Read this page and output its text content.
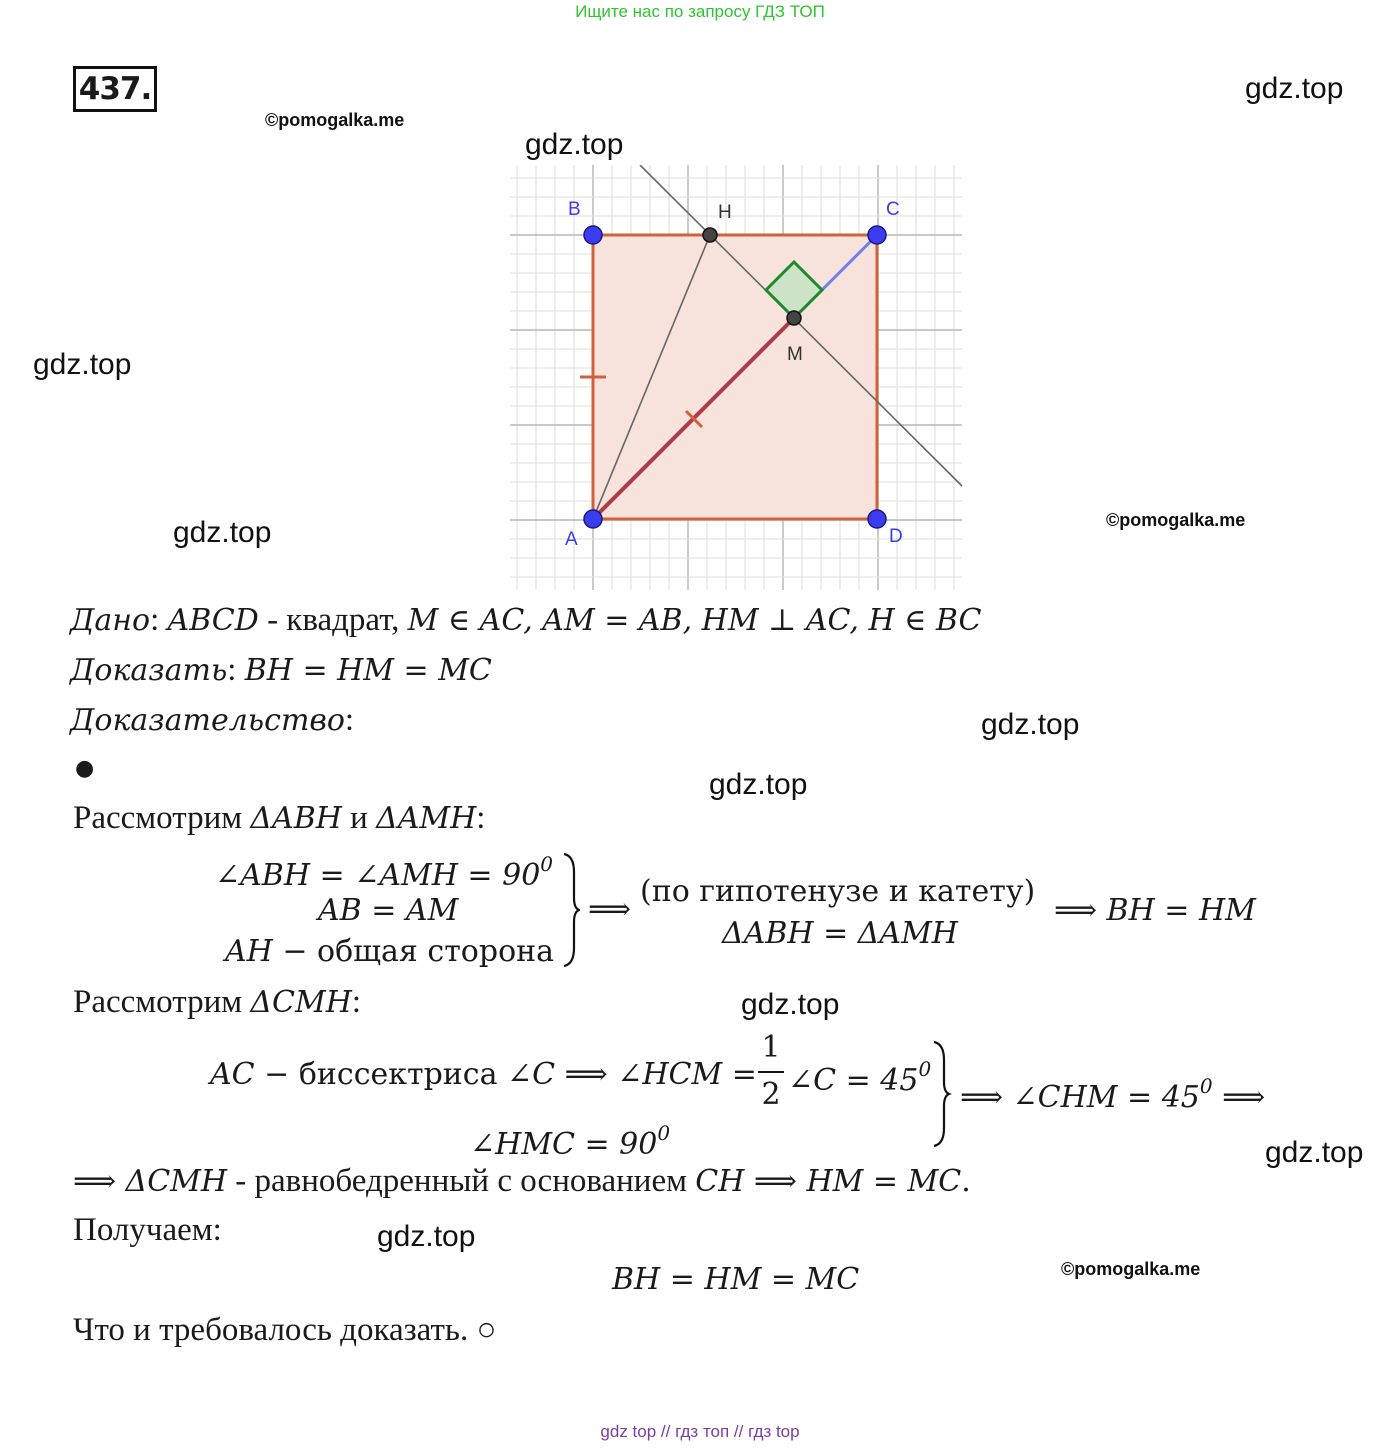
Ищите нас по запросу ГДЗ ТОП
437.	gdz.top
©pomogalka.me
gdz.top
gdz.top
gdz.top	©pomogalka.me
gdz.top
gdz.top
gdz.top
gdz.top
gdz.top
©pomogalka.me
B	C
A	D
H
M
Дано: ABCD - квадрат, M ∈ AC, AM = AB, HM ⊥ AC, H ∈ BC
Доказать: BH = HM = MC
Доказательство:
●
Рассмотрим ΔABH и ΔAMH:
∠ABH = ∠AMH = $90^0$
AB = AM
AH − общая сторона
⟹
(по гипотенузе и катету)
ΔABH = ΔAMH
⟹ BH = HM
Рассмотрим ΔCMH:
AC − биссектриса ∠C ⟹ ∠HCM =
1
2 ∠C = $45^0$
∠HMC = $90^0$
⟹ ∠CHM = $45^0$ ⟹
⟹ ΔCMH - равнобедренный с основанием CH ⟹ HM = MC.
Получаем:
BH = HM = MC
Что и требовалось доказать. ○
gdz top // гдз топ // гдз top
